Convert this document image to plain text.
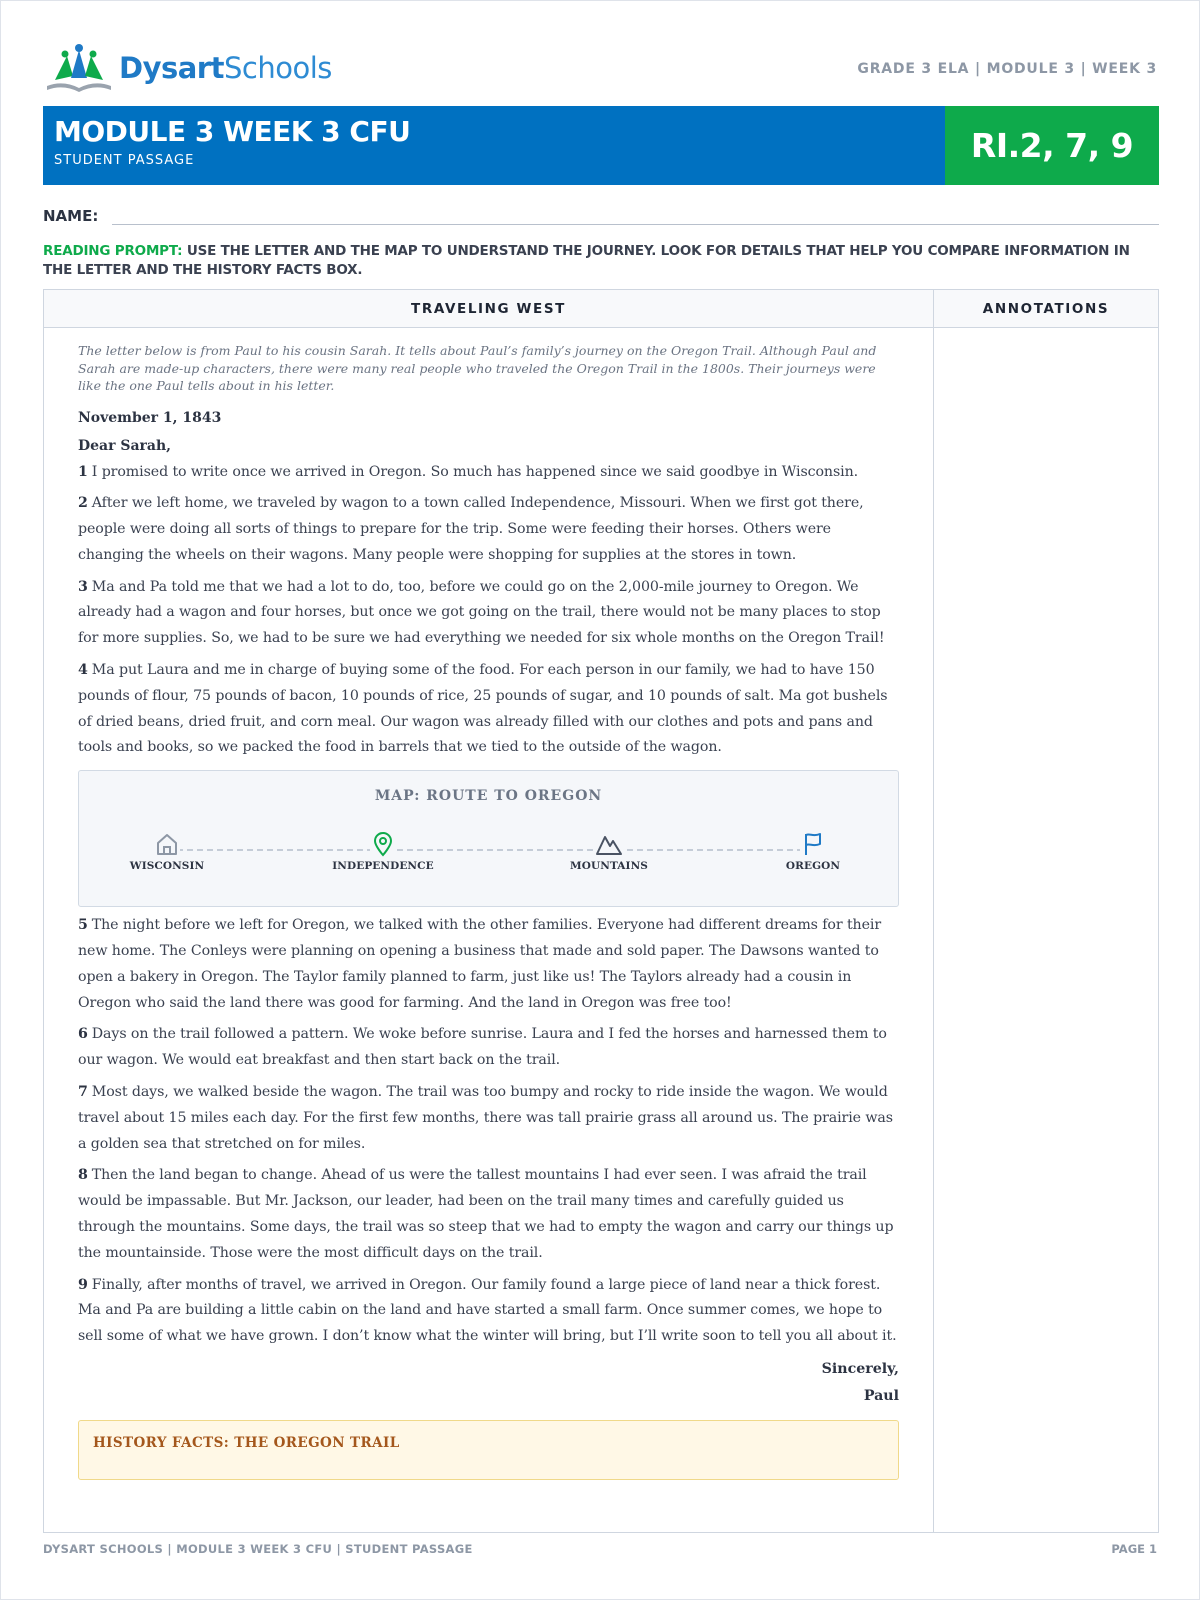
DysartSchools	GRADE 3 ELA | MODULE 3 | WEEK 3
MODULE 3 WEEK 3 CFU
STUDENT PASSAGE	RI.2, 7, 9
NAME:
READING PROMPT: USE THE LETTER AND THE MAP TO UNDERSTAND THE JOURNEY. LOOK FOR DETAILS THAT HELP YOU COMPARE INFORMATION IN THE LETTER AND THE HISTORY FACTS BOX.
TRAVELING WEST	ANNOTATIONS
The letter below is from Paul to his cousin Sarah. It tells about Paul’s family’s journey on the Oregon Trail. Although Paul and Sarah are made-up characters, there were many real people who traveled the Oregon Trail in the 1800s. Their journeys were like the one Paul tells about in his letter.
November 1, 1843
Dear Sarah,

1 I promised to write once we arrived in Oregon. So much has happened since we said goodbye in Wisconsin.

2 After we left home, we traveled by wagon to a town called Independence, Missouri. When we first got there, people were doing all sorts of things to prepare for the trip. Some were feeding their horses. Others were changing the wheels on their wagons. Many people were shopping for supplies at the stores in town.

3 Ma and Pa told me that we had a lot to do, too, before we could go on the 2,000-mile journey to Oregon. We already had a wagon and four horses, but once we got going on the trail, there would not be many places to stop for more supplies. So, we had to be sure we had everything we needed for six whole months on the Oregon Trail!

4 Ma put Laura and me in charge of buying some of the food. For each person in our family, we had to have 150 pounds of flour, 75 pounds of bacon, 10 pounds of rice, 25 pounds of sugar, and 10 pounds of salt. Ma got bushels of dried beans, dried fruit, and corn meal. Our wagon was already filled with our clothes and pots and pans and tools and books, so we packed the food in barrels that we tied to the outside of the wagon.

MAP: ROUTE TO OREGON
WISCONSIN	INDEPENDENCE	MOUNTAINS	OREGON

5 The night before we left for Oregon, we talked with the other families. Everyone had different dreams for their new home. The Conleys were planning on opening a business that made and sold paper. The Dawsons wanted to open a bakery in Oregon. The Taylor family planned to farm, just like us! The Taylors already had a cousin in Oregon who said the land there was good for farming. And the land in Oregon was free too!

6 Days on the trail followed a pattern. We woke before sunrise. Laura and I fed the horses and harnessed them to our wagon. We would eat breakfast and then start back on the trail.

7 Most days, we walked beside the wagon. The trail was too bumpy and rocky to ride inside the wagon. We would travel about 15 miles each day. For the first few months, there was tall prairie grass all around us. The prairie was a golden sea that stretched on for miles.

8 Then the land began to change. Ahead of us were the tallest mountains I had ever seen. I was afraid the trail would be impassable. But Mr. Jackson, our leader, had been on the trail many times and carefully guided us through the mountains. Some days, the trail was so steep that we had to empty the wagon and carry our things up the mountainside. Those were the most difficult days on the trail.

9 Finally, after months of travel, we arrived in Oregon. Our family found a large piece of land near a thick forest. Ma and Pa are building a little cabin on the land and have started a small farm. Once summer comes, we hope to sell some of what we have grown. I don’t know what the winter will bring, but I’ll write soon to tell you all about it.

Sincerely,
Paul
HISTORY FACTS: THE OREGON TRAIL
DYSART SCHOOLS | MODULE 3 WEEK 3 CFU | STUDENT PASSAGE	PAGE 1
